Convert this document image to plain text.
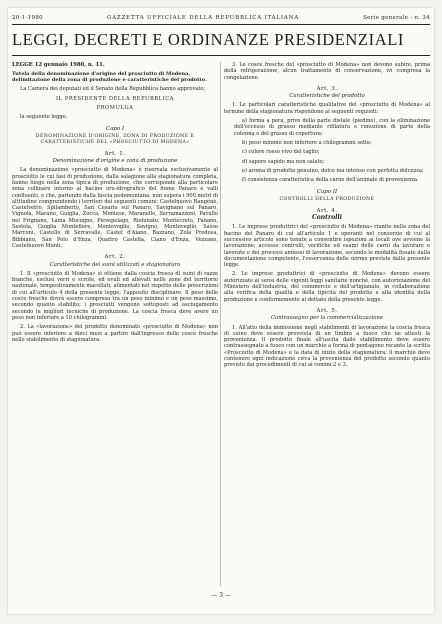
20-1-1980	GAZZETTA UFFICIALE DELLA REPUBBLICA ITALIANA	Serie generale - n. 34
LEGGI, DECRETI E ORDINANZE PRESIDENZIALI

LEGGE 12 gennaio 1980, n. 11.

Tutela della denominazione d'origine del prosciutto di Modena, delimitazione della zona di produzione e caratteristiche del prodotto.

La Camera dei deputati ed il Senato della Repubblica hanno approvato;

IL PRESIDENTE DELLA REPUBBLICA

PROMULGA

la seguente legge:

Capo I
DENOMINAZIONE D'ORIGINE, ZONA DI PRODUZIONE E CARATTERISTICHE DEL «PROSCIUTTO DI MODENA»
Art. 1.
Denominazione d'origine e zona di produzione

La denominazione «prosciutto di Modena» è riservata esclusivamente al prosciutto le cui fasi di produzione, dalla salagione alla stagionatura completa, hanno luogo nella zona tipica di produzione, che corrisponde alla particolare zona collinare intorno al bacino oro-idrografico del fiume Panaro e valli confluenti, e che, partendo dalla fascia pedemontana, non supera i 900 metri di altitudine comprendendo i territori dei seguenti comuni: Castelnuovo Rangone, Castelvetro, Spilamberto, San Cesario sul Panaro, Savignano sul Panaro, Vignola, Marano, Guiglia, Zocca, Montese, Maranello, Serramazzoni, Pavullo nel Frignano, Lama Mocogno, Pievepelago, Riolunato, Montecreto, Fanano, Sestola, Guiglia Montefiore, Montevoglio, Savigno, Monteveglio, Sasso Marconi, Castello di Serravalle, Castel d'Aiano, Bazzano, Zola Predosa, Bibbiano, San Polo d'Enza, Quattro Castella, Ciano d'Enza, Vezzano, Castelnuovo Monti.

Art. 2.
Caratteristiche dei suini utilizzati e stagionatura

1. Il «prosciutto di Modena» si ottiene dalla coscia fresca di suini di razze bianche, esclusi verri e scrofe, ed ovuli ed allevati nelle zone del territorio nazionale, tempestivamente macellati, alimentati nel rispetto delle prescrizioni di cui all'articolo 4 della presente legge; l'apposito disciplinare. Il peso delle cosce fresche dovrà essere compreso tra un peso minimo e un peso massimo, secondo quanto stabilito; i prosciutti vengono sottoposti ad asciugamento secondo le migliori tecniche di produzione. La coscia fresca deve avere un peso non inferiore a 10 chilogrammi.

2. La «lavorazione» del prodotto denominato «prosciutto di Modena» non può essere inferiore a dieci mesi a partire dall'ingresso delle cosce fresche nello stabilimento di stagionatura.

3. Le cosce fresche del «prosciutto di Modena» non devono subire, prima della refrigerazione, alcun trattamento di conservazione, ivi compresa la congelazione.

Art. 3.
Caratteristiche del prodotto

1. Le particolari caratteristiche qualitative del «prosciutto di Modena» al termine della stagionatura rispondono ai seguenti requisiti:

a) forma a pera, privo della parte distale (piedino), con la eliminazione dell'eccesso di grasso mediante rifilatura e rimozione di parte della cotenna e del grasso di copertura;

b) peso minimo non inferiore a chilogrammi sette;

c) colore rosso vivo del taglio;

d) sapore sapido ma non salato;

e) aroma di prodotto genuino, dolce ma intenso con perfetta dolcezza;

f) consistenza caratteristica della carne dell'animale di provenienza.

Capo II
CONTROLLI DELLA PRODUZIONE
Art. 4.
Controlli

1. Le imprese produttrici del «prosciutto di Modena» riunite nella zona del bacino del Panaro di cui all'articolo 1 e operanti nel consorzio di cui al successivo articolo sono tenute a consentire ispezioni ai locali ove avviene la lavorazione; accesso controlli, verifiche ed esami delle carni da lavorare e lavorate e dei processi annessi di lavorazione, secondo le modalità fissate dalla documentazione competente, l'osservanza delle norme previste dalla presente legge.

2. Le imprese produttrici di «prosciutto di Modena» devono essere autorizzate ai sensi delle vigenti leggi sanitarie nonché, con autorizzazione del Ministero dell'industria, del commercio e dell'artigianato, in collaborazione alla verifica della qualità e della tipicità del prodotto e alla identità della produzione e conformemente al dettato della presente legge.

Art. 5.
Contrassegno per la commercializzazione

1. All'atto della immissione negli stabilimenti di lavorazione la coscia fresca di suino deve essere provvista di un timbro a fuoco che ne attesti la provenienza. Il prodotto finale all'uscita dallo stabilimento deve essere contrassegnato a fuoco con un marchio a forma di pentagono recante la scritta «Prosciutto di Modena» e la data di inizio della stagionatura; il marchio deve contenere ogni indicazione circa la provenienza del prodotto secondo quanto previsto dai procedimenti di cui ai commi 2 e 3.

— 3 —
